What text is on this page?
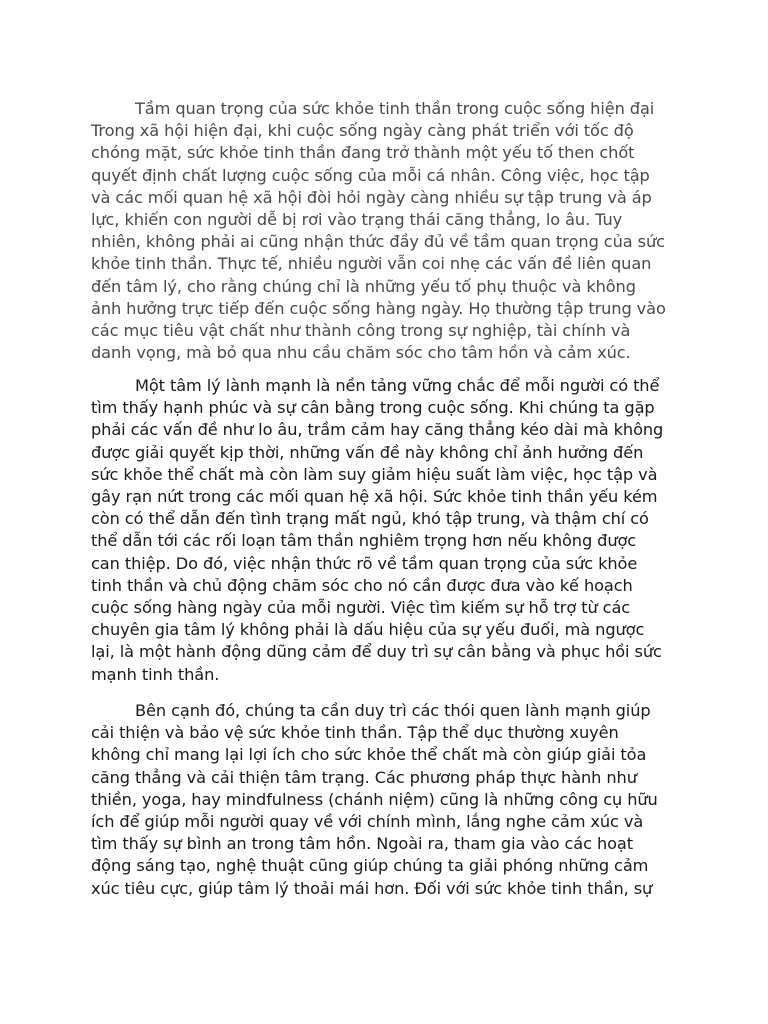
Tầm quan trọng của sức khỏe tinh thần trong cuộc sống hiện đại
Trong xã hội hiện đại, khi cuộc sống ngày càng phát triển với tốc độ
chóng mặt, sức khỏe tinh thần đang trở thành một yếu tố then chốt
quyết định chất lượng cuộc sống của mỗi cá nhân. Công việc, học tập
và các mối quan hệ xã hội đòi hỏi ngày càng nhiều sự tập trung và áp
lực, khiến con người dễ bị rơi vào trạng thái căng thẳng, lo âu. Tuy
nhiên, không phải ai cũng nhận thức đầy đủ về tầm quan trọng của sức
khỏe tinh thần. Thực tế, nhiều người vẫn coi nhẹ các vấn đề liên quan
đến tâm lý, cho rằng chúng chỉ là những yếu tố phụ thuộc và không
ảnh hưởng trực tiếp đến cuộc sống hàng ngày. Họ thường tập trung vào
các mục tiêu vật chất như thành công trong sự nghiệp, tài chính và
danh vọng, mà bỏ qua nhu cầu chăm sóc cho tâm hồn và cảm xúc.

Một tâm lý lành mạnh là nền tảng vững chắc để mỗi người có thể
tìm thấy hạnh phúc và sự cân bằng trong cuộc sống. Khi chúng ta gặp
phải các vấn đề như lo âu, trầm cảm hay căng thẳng kéo dài mà không
được giải quyết kịp thời, những vấn đề này không chỉ ảnh hưởng đến
sức khỏe thể chất mà còn làm suy giảm hiệu suất làm việc, học tập và
gây rạn nứt trong các mối quan hệ xã hội. Sức khỏe tinh thần yếu kém
còn có thể dẫn đến tình trạng mất ngủ, khó tập trung, và thậm chí có
thể dẫn tới các rối loạn tâm thần nghiêm trọng hơn nếu không được
can thiệp. Do đó, việc nhận thức rõ về tầm quan trọng của sức khỏe
tinh thần và chủ động chăm sóc cho nó cần được đưa vào kế hoạch
cuộc sống hàng ngày của mỗi người. Việc tìm kiếm sự hỗ trợ từ các
chuyên gia tâm lý không phải là dấu hiệu của sự yếu đuối, mà ngược
lại, là một hành động dũng cảm để duy trì sự cân bằng và phục hồi sức
mạnh tinh thần.

Bên cạnh đó, chúng ta cần duy trì các thói quen lành mạnh giúp
cải thiện và bảo vệ sức khỏe tinh thần. Tập thể dục thường xuyên
không chỉ mang lại lợi ích cho sức khỏe thể chất mà còn giúp giải tỏa
căng thẳng và cải thiện tâm trạng. Các phương pháp thực hành như
thiền, yoga, hay mindfulness (chánh niệm) cũng là những công cụ hữu
ích để giúp mỗi người quay về với chính mình, lắng nghe cảm xúc và
tìm thấy sự bình an trong tâm hồn. Ngoài ra, tham gia vào các hoạt
động sáng tạo, nghệ thuật cũng giúp chúng ta giải phóng những cảm
xúc tiêu cực, giúp tâm lý thoải mái hơn. Đối với sức khỏe tinh thần, sự
